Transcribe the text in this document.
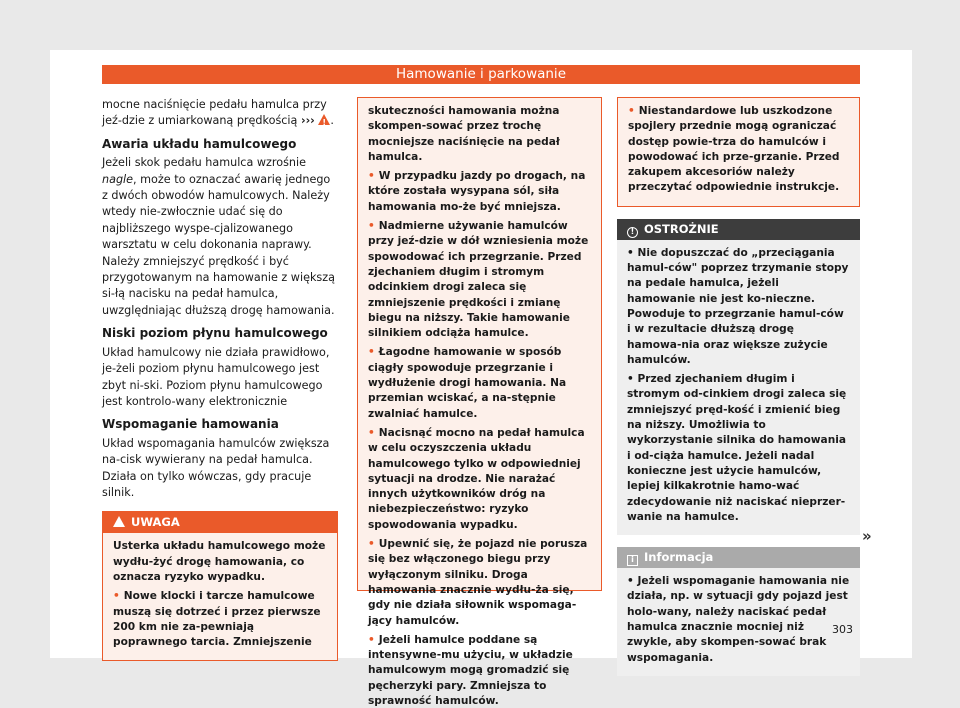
Hamowanie i parkowanie

mocne naciśnięcie pedału hamulca przy jeź-dzie z umiarkowaną prędkością ››› ! .

Awaria układu hamulcowego

Jeżeli skok pedału hamulca wzrośnie nagle, może to oznaczać awarię jednego z dwóch obwodów hamulcowych. Należy wtedy nie-zwłocznie udać się do najbliższego wyspe-cjalizowanego warsztatu w celu dokonania naprawy. Należy zmniejszyć prędkość i być przygotowanym na hamowanie z większą si-łą nacisku na pedał hamulca, uwzględniając dłuższą drogę hamowania.

Niski poziom płynu hamulcowego

Układ hamulcowy nie działa prawidłowo, je-żeli poziom płynu hamulcowego jest zbyt ni-ski. Poziom płynu hamulcowego jest kontrolo-wany elektronicznie

Wspomaganie hamowania

Układ wspomagania hamulców zwiększa na-cisk wywierany na pedał hamulca. Działa on tylko wówczas, gdy pracuje silnik.

UWAGA

Usterka układu hamulcowego może wydłu-żyć drogę hamowania, co oznacza ryzyko wypadku.

• Nowe klocki i tarcze hamulcowe muszą się dotrzeć i przez pierwsze 200 km nie za-pewniają poprawnego tarcia. Zmniejszenie

skuteczności hamowania można skompen-sować przez trochę mocniejsze naciśnięcie na pedał hamulca.

• W przypadku jazdy po drogach, na które została wysypana sól, siła hamowania mo-że być mniejsza.

• Nadmierne używanie hamulców przy jeź-dzie w dół wzniesienia może spowodować ich przegrzanie. Przed zjechaniem długim i stromym odcinkiem drogi zaleca się zmniejszenie prędkości i zmianę biegu na niższy. Takie hamowanie silnikiem odciąża hamulce.

• Łagodne hamowanie w sposób ciągły spowoduje przegrzanie i wydłużenie drogi hamowania. Na przemian wciskać, a na-stępnie zwalniać hamulce.

• Nacisnąć mocno na pedał hamulca w celu oczyszczenia układu hamulcowego tylko w odpowiedniej sytuacji na drodze. Nie narażać innych użytkowników dróg na niebezpieczeństwo: ryzyko spowodowania wypadku.

• Upewnić się, że pojazd nie porusza się bez włączonego biegu przy wyłączonym silniku. Droga hamowania znacznie wydłu-ża się, gdy nie działa siłownik wspomaga-jący hamulców.

• Jeżeli hamulce poddane są intensywne-mu użyciu, w układzie hamulcowym mogą gromadzić się pęcherzyki pary. Zmniejsza to sprawność hamulców.

• Niestandardowe lub uszkodzone spojlery przednie mogą ograniczać dostęp powie-trza do hamulców i powodować ich prze-grzanie. Przed zakupem akcesoriów należy przeczytać odpowiednie instrukcje.

! OSTROŻNIE

• Nie dopuszczać do „przeciągania hamul-ców" poprzez trzymanie stopy na pedale hamulca, jeżeli hamowanie nie jest ko-nieczne. Powoduje to przegrzanie hamul-ców i w rezultacie dłuższą drogę hamowa-nia oraz większe zużycie hamulców.

• Przed zjechaniem długim i stromym od-cinkiem drogi zaleca się zmniejszyć pręd-kość i zmienić bieg na niższy. Umożliwia to wykorzystanie silnika do hamowania i od-ciąża hamulce. Jeżeli nadal konieczne jest użycie hamulców, lepiej kilkakrotnie hamo-wać zdecydowanie niż naciskać nieprzer-wanie na hamulce.

i Informacja

• Jeżeli wspomaganie hamowania nie działa, np. w sytuacji gdy pojazd jest holo-wany, należy naciskać pedał hamulca znacznie mocniej niż zwykle, aby skompen-sować brak wspomagania.

»
303
